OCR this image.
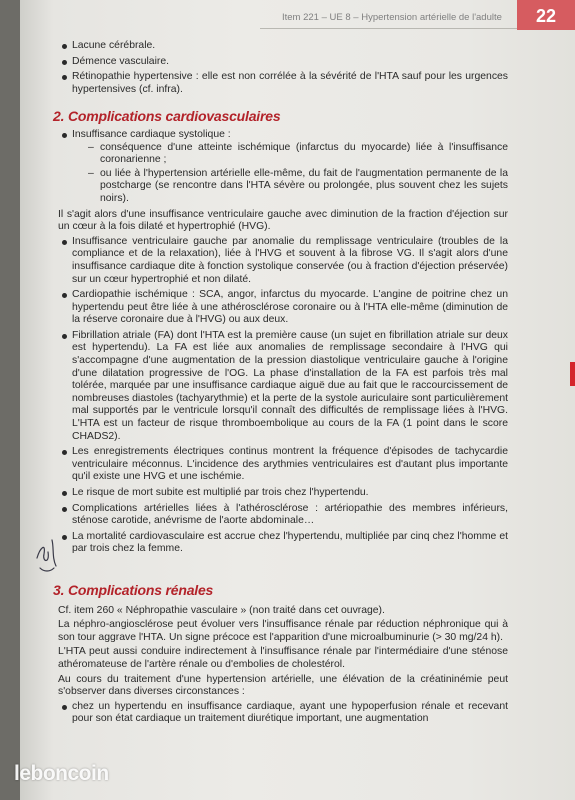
Item 221 – UE 8 – Hypertension artérielle de l'adulte	22
Lacune cérébrale.
Démence vasculaire.
Rétinopathie hypertensive : elle est non corrélée à la sévérité de l'HTA sauf pour les urgences hypertensives (cf. infra).
2. Complications cardiovasculaires
Insuffisance cardiaque systolique :
– conséquence d'une atteinte ischémique (infarctus du myocarde) liée à l'insuffisance coronarienne ;
– ou liée à l'hypertension artérielle elle-même, du fait de l'augmentation permanente de la postcharge (se rencontre dans l'HTA sévère ou prolongée, plus souvent chez les sujets noirs).

Il s'agit alors d'une insuffisance ventriculaire gauche avec diminution de la fraction d'éjection sur un cœur à la fois dilaté et hypertrophié (HVG).

Insuffisance ventriculaire gauche par anomalie du remplissage ventriculaire (troubles de la compliance et de la relaxation), liée à l'HVG et souvent à la fibrose VG. Il s'agit alors d'une insuffisance cardiaque dite à fonction systolique conservée (ou à fraction d'éjection préservée) sur un cœur hypertrophié et non dilaté.
Cardiopathie ischémique : SCA, angor, infarctus du myocarde. L'angine de poitrine chez un hypertendu peut être liée à une athérosclérose coronaire ou à l'HTA elle-même (diminution de la réserve coronaire due à l'HVG) ou aux deux.
Fibrillation atriale (FA) dont l'HTA est la première cause (un sujet en fibrillation atriale sur deux est hypertendu). La FA est liée aux anomalies de remplissage secondaire à l'HVG qui s'accompagne d'une augmentation de la pression diastolique ventriculaire gauche à l'origine d'une dilatation progressive de l'OG. La phase d'installation de la FA est parfois très mal tolérée, marquée par une insuffisance cardiaque aiguë due au fait que le raccourcissement de nombreuses diastoles (tachyarythmie) et la perte de la systole auriculaire sont particulièrement mal supportés par le ventricule lorsqu'il connaît des difficultés de remplissage liées à l'HVG. L'HTA est un facteur de risque thromboembolique au cours de la FA (1 point dans le score CHADS2).
Les enregistrements électriques continus montrent la fréquence d'épisodes de tachycardie ventriculaire méconnus. L'incidence des arythmies ventriculaires est d'autant plus importante qu'il existe une HVG et une ischémie.
Le risque de mort subite est multiplié par trois chez l'hypertendu.
Complications artérielles liées à l'athérosclérose : artériopathie des membres inférieurs, sténose carotide, anévrisme de l'aorte abdominale…
La mortalité cardiovasculaire est accrue chez l'hypertendu, multipliée par cinq chez l'homme et par trois chez la femme.
3. Complications rénales

Cf. item 260 « Néphropathie vasculaire » (non traité dans cet ouvrage).

La néphro-angiosclérose peut évoluer vers l'insuffisance rénale par réduction néphronique qui à son tour aggrave l'HTA. Un signe précoce est l'apparition d'une microalbuminurie (> 30 mg/24 h).

L'HTA peut aussi conduire indirectement à l'insuffisance rénale par l'intermédiaire d'une sténose athéromateuse de l'artère rénale ou d'embolies de cholestérol.

Au cours du traitement d'une hypertension artérielle, une élévation de la créatininémie peut s'observer dans diverses circonstances :

chez un hypertendu en insuffisance cardiaque, ayant une hypoperfusion rénale et recevant pour son état cardiaque un traitement diurétique important, une augmentation
leboncoin
